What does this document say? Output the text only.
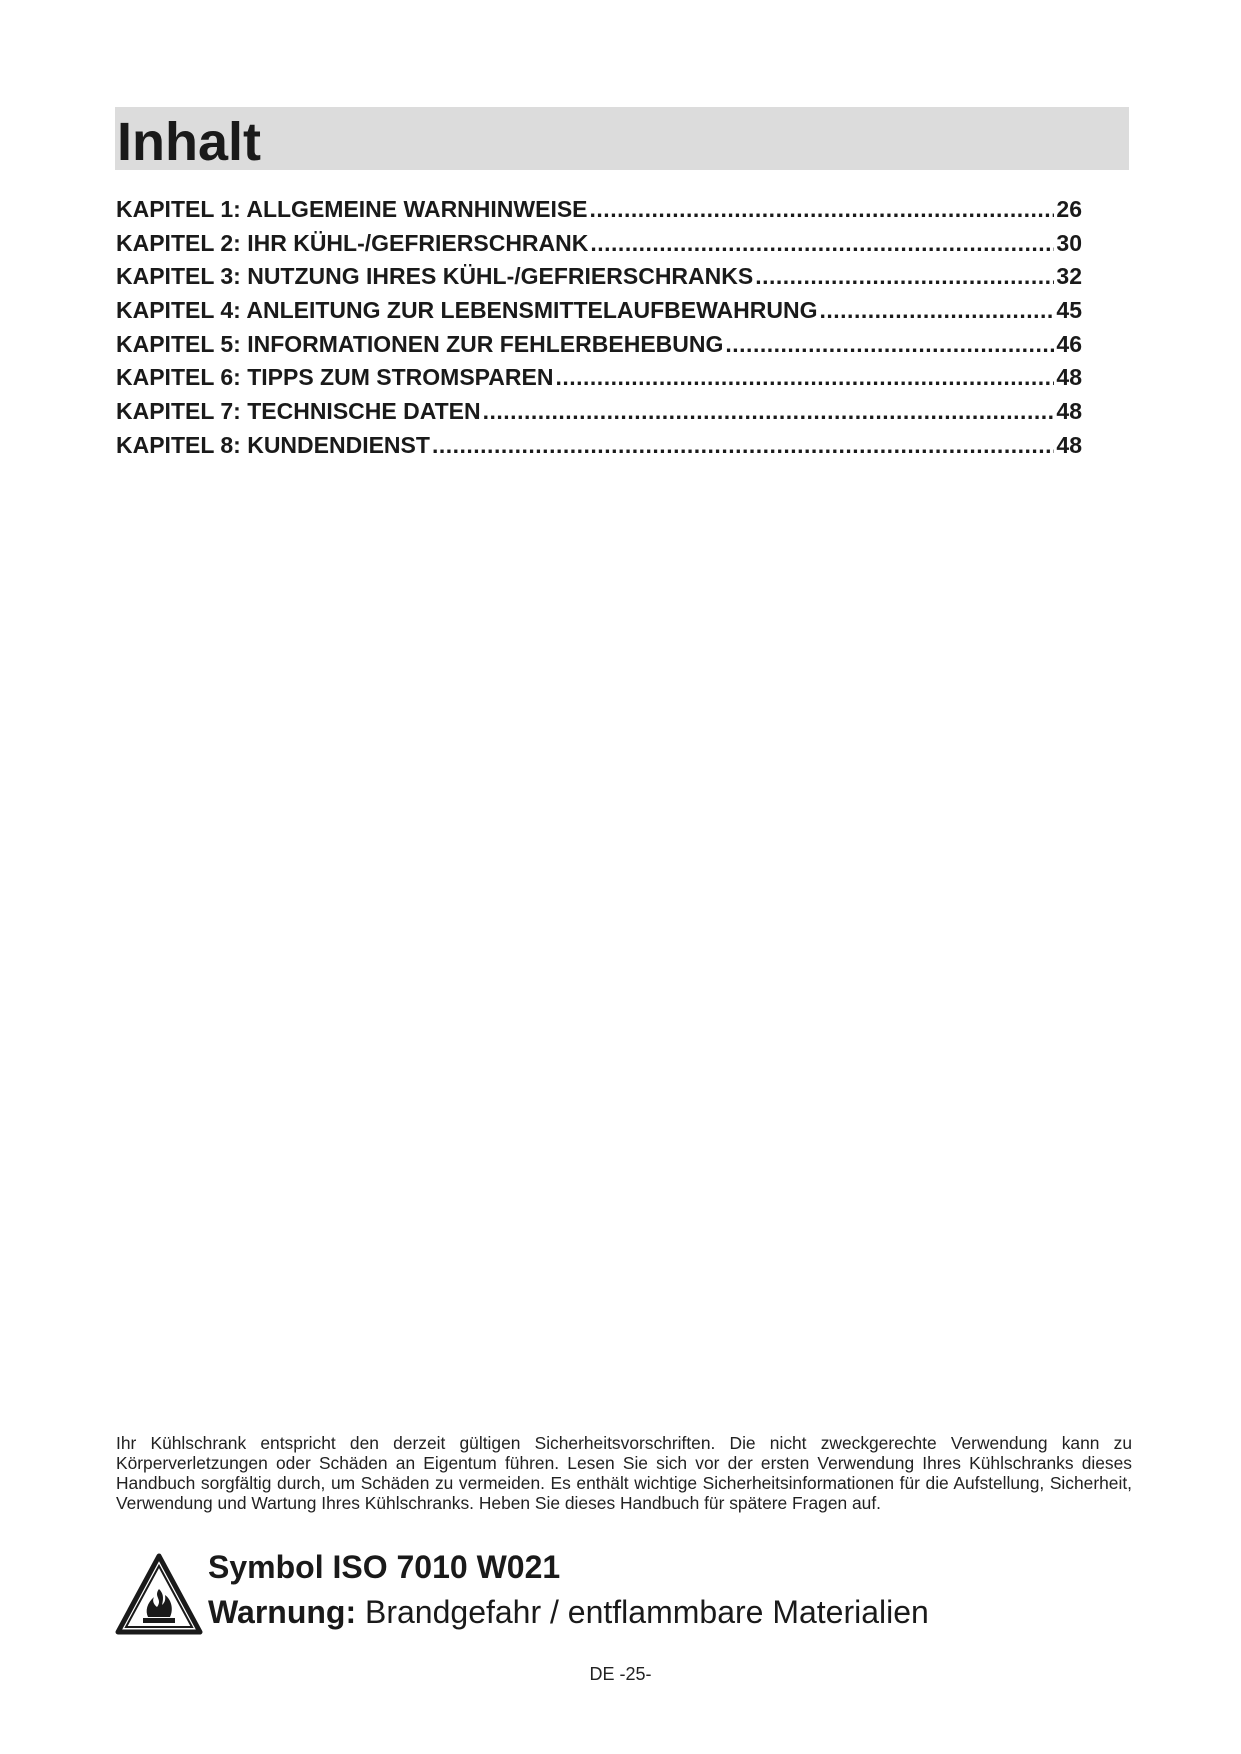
Inhalt
KAPITEL 1: ALLGEMEINE WARNHINWEISE .....	26
KAPITEL 2: IHR KÜHL-/GEFRIERSCHRANK .....	30
KAPITEL 3: NUTZUNG IHRES KÜHL-/GEFRIERSCHRANKS .....	32
KAPITEL 4: ANLEITUNG ZUR LEBENSMITTELAUFBEWAHRUNG .....	45
KAPITEL 5: INFORMATIONEN ZUR FEHLERBEHEBUNG .....	46
KAPITEL 6: TIPPS ZUM STROMSPAREN .....	48
KAPITEL 7: TECHNISCHE DATEN .....	48
KAPITEL 8: KUNDENDIENST .....	48

Ihr Kühlschrank entspricht den derzeit gültigen Sicherheitsvorschriften. Die nicht zweckgerechte Verwendung kann zu Körperverletzungen oder Schäden an Eigentum führen. Lesen Sie sich vor der ersten Verwendung Ihres Kühlschranks dieses Handbuch sorgfältig durch, um Schäden zu vermeiden. Es enthält wichtige Sicherheitsinformationen für die Aufstellung, Sicherheit, Verwendung und Wartung Ihres Kühlschranks. Heben Sie dieses Handbuch für spätere Fragen auf.

Symbol ISO 7010 W021
Warnung: Brandgefahr / entflammbare Materialien
DE -25-
